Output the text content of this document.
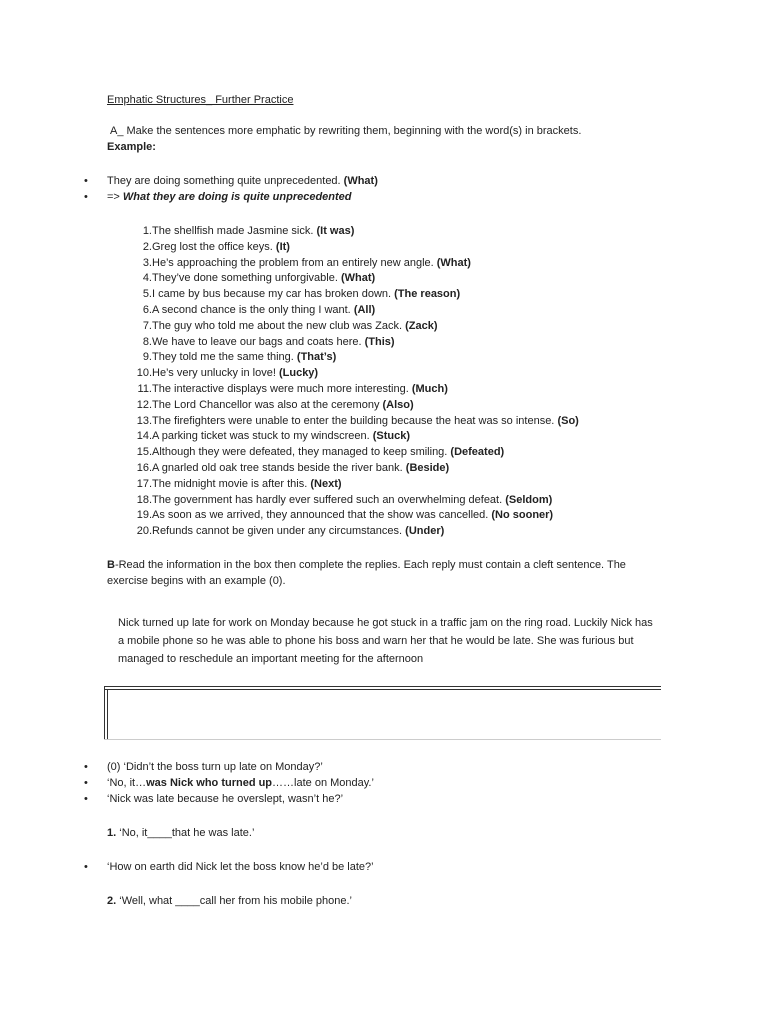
Emphatic Structures_ Further Practice
A_ Make the sentences more emphatic by rewriting them, beginning with the word(s) in brackets.
Example:
• They are doing something quite unprecedented. (What)
• => What they are doing is quite unprecedented
1. The shellfish made Jasmine sick. (It was)
2. Greg lost the office keys. (It)
3. He’s approaching the problem from an entirely new angle. (What)
4. They’ve done something unforgivable. (What)
5. I came by bus because my car has broken down. (The reason)
6. A second chance is the only thing I want. (All)
7. The guy who told me about the new club was Zack. (Zack)
8. We have to leave our bags and coats here. (This)
9. They told me the same thing. (That’s)
10. He’s very unlucky in love! (Lucky)
11. The interactive displays were much more interesting. (Much)
12. The Lord Chancellor was also at the ceremony (Also)
13. The firefighters were unable to enter the building because the heat was so intense. (So)
14. A parking ticket was stuck to my windscreen. (Stuck)
15. Although they were defeated, they managed to keep smiling. (Defeated)
16. A gnarled old oak tree stands beside the river bank. (Beside)
17. The midnight movie is after this. (Next)
18. The government has hardly ever suffered such an overwhelming defeat. (Seldom)
19. As soon as we arrived, they announced that the show was cancelled. (No sooner)
20. Refunds cannot be given under any circumstances. (Under)
B-Read the information in the box then complete the replies. Each reply must contain a cleft sentence. The exercise begins with an example (0).
Nick turned up late for work on Monday because he got stuck in a traffic jam on the ring road. Luckily Nick has a mobile phone so he was able to phone his boss and warn her that he would be late. She was furious but managed to reschedule an important meeting for the afternoon
• (0) ‘Didn’t the boss turn up late on Monday?’
• ‘No, it…was Nick who turned up……late on Monday.’
• ‘Nick was late because he overslept, wasn’t he?’
1. ‘No, it____that he was late.’
• ‘How on earth did Nick let the boss know he’d be late?’
2. ‘Well, what ____call her from his mobile phone.’
